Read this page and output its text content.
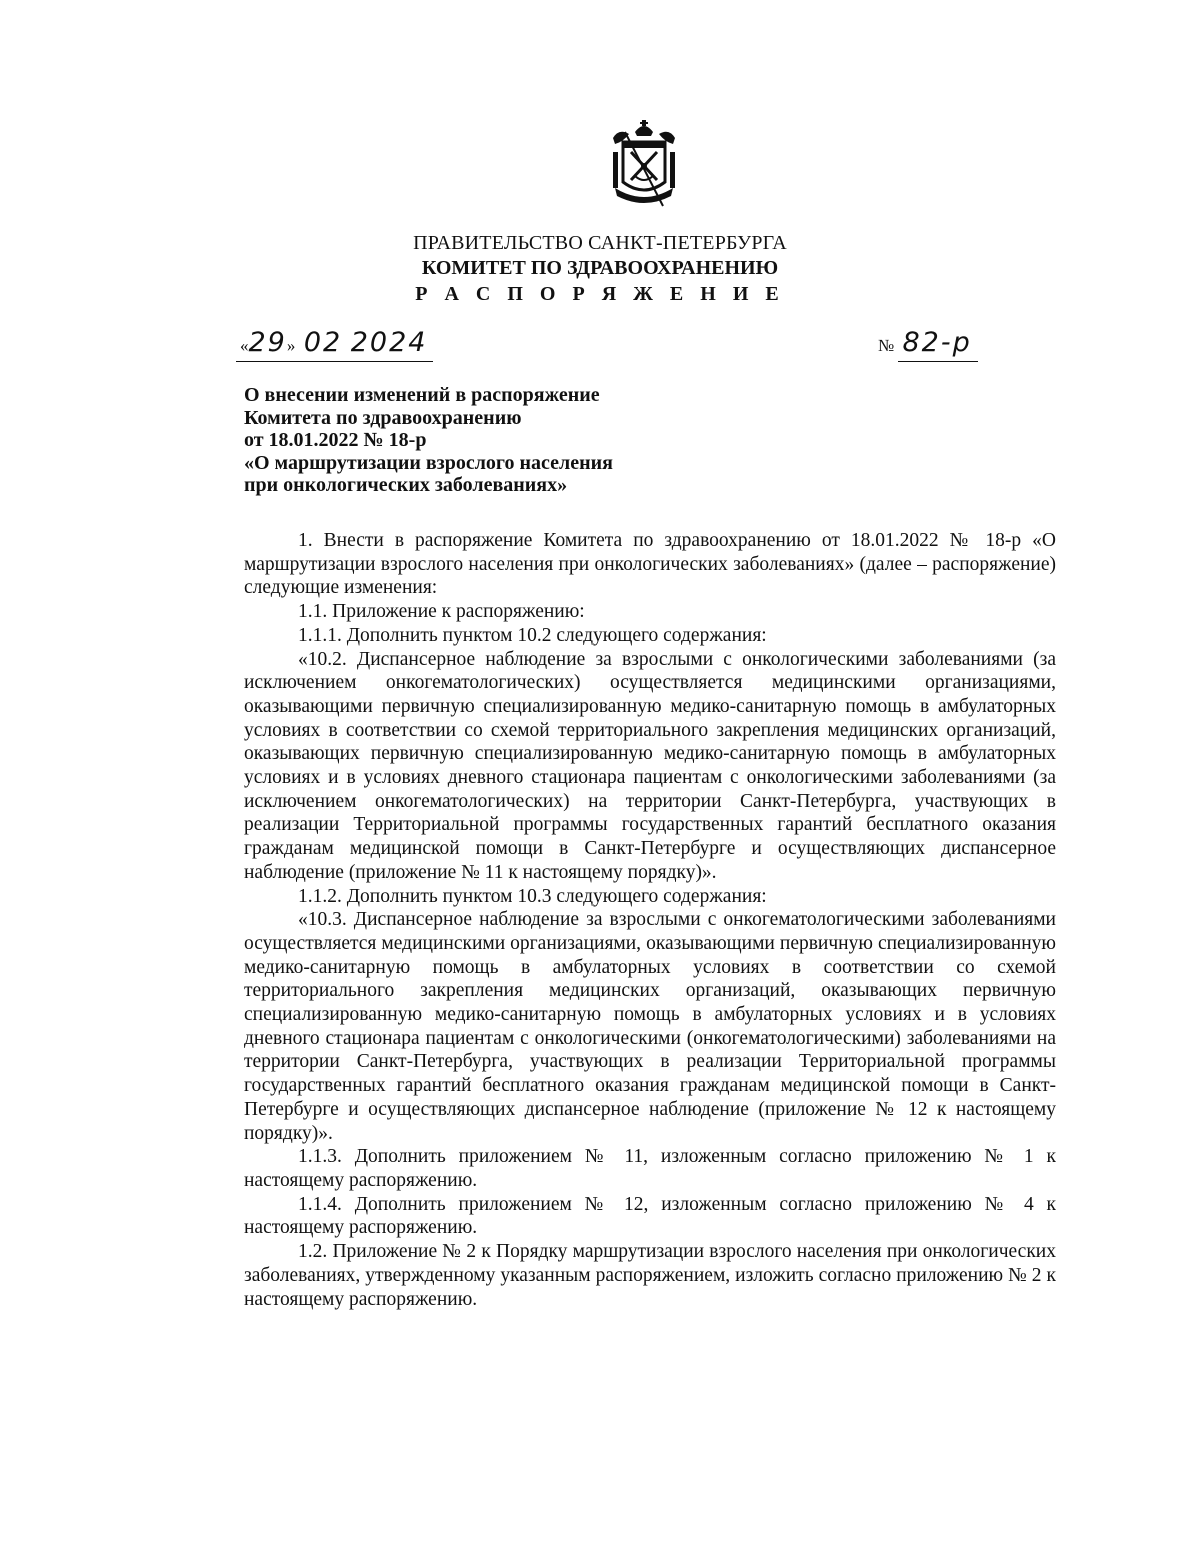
ПРАВИТЕЛЬСТВО САНКТ-ПЕТЕРБУРГА
КОМИТЕТ ПО ЗДРАВООХРАНЕНИЮ
Р А С П О Р Я Ж Е Н И Е
«29» 02 2024	№ 82-р
О внесении изменений в распоряжение
Комитета по здравоохранению
от 18.01.2022 № 18-р
«О маршрутизации взрослого населения
при онкологических заболеваниях»
1. Внести в распоряжение Комитета по здравоохранению от 18.01.2022 № 18-р «О маршрутизации взрослого населения при онкологических заболеваниях» (далее – распоряжение) следующие изменения:
1.1. Приложение к распоряжению:
1.1.1. Дополнить пунктом 10.2 следующего содержания:
«10.2. Диспансерное наблюдение за взрослыми с онкологическими заболеваниями (за исключением онкогематологических) осуществляется медицинскими организациями, оказывающими первичную специализированную медико-санитарную помощь в амбулаторных условиях в соответствии со схемой территориального закрепления медицинских организаций, оказывающих первичную специализированную медико-санитарную помощь в амбулаторных условиях и в условиях дневного стационара пациентам с онкологическими заболеваниями (за исключением онкогематологических) на территории Санкт-Петербурга, участвующих в реализации Территориальной программы государственных гарантий бесплатного оказания гражданам медицинской помощи в Санкт-Петербурге и осуществляющих диспансерное наблюдение (приложение № 11 к настоящему порядку)».
1.1.2. Дополнить пунктом 10.3 следующего содержания:
«10.3. Диспансерное наблюдение за взрослыми с онкогематологическими заболеваниями осуществляется медицинскими организациями, оказывающими первичную специализированную медико-санитарную помощь в амбулаторных условиях в соответствии со схемой территориального закрепления медицинских организаций, оказывающих первичную специализированную медико-санитарную помощь в амбулаторных условиях и в условиях дневного стационара пациентам с онкологическими (онкогематологическими) заболеваниями на территории Санкт-Петербурга, участвующих в реализации Территориальной программы государственных гарантий бесплатного оказания гражданам медицинской помощи в Санкт-Петербурге и осуществляющих диспансерное наблюдение (приложение № 12 к настоящему порядку)».
1.1.3. Дополнить приложением № 11, изложенным согласно приложению № 1 к настоящему распоряжению.
1.1.4. Дополнить приложением № 12, изложенным согласно приложению № 4 к настоящему распоряжению.
1.2. Приложение № 2 к Порядку маршрутизации взрослого населения при онкологических заболеваниях, утвержденному указанным распоряжением, изложить согласно приложению № 2 к настоящему распоряжению.
